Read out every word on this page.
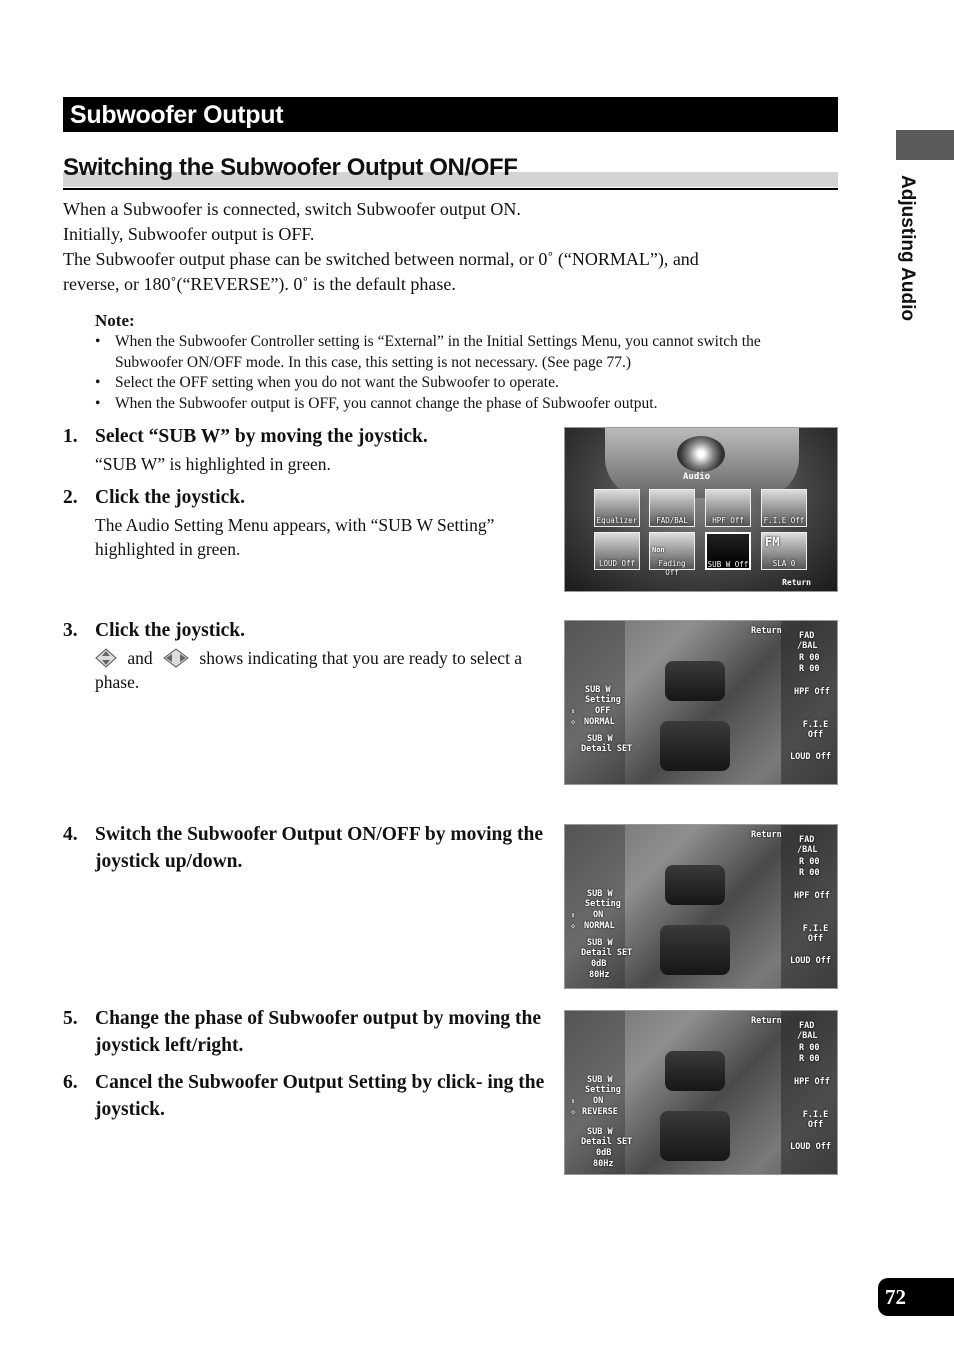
Subwoofer Output
Switching the Subwoofer Output ON/OFF
When a Subwoofer is connected, switch Subwoofer output ON.
Initially, Subwoofer output is OFF.
The Subwoofer output phase can be switched between normal, or 0˚ (“NORMAL”), and
reverse, or 180˚(“REVERSE”). 0˚ is the default phase.
Note:
• When the Subwoofer Controller setting is “External” in the Initial Settings Menu, you cannot switch the Subwoofer ON/OFF mode. In this case, this setting is not necessary. (See page 77.)
• Select the OFF setting when you do not want the Subwoofer to operate.
• When the Subwoofer output is OFF, you cannot change the phase of Subwoofer output.
1. Select “SUB W” by moving the joystick.
“SUB W” is highlighted in green.
2. Click the joystick.
The Audio Setting Menu appears, with “SUB W Setting” highlighted in green.
3. Click the joystick.
and	shows indicating that you are ready to select a phase.
4. Switch the Subwoofer Output ON/OFF by moving the joystick up/down.
5. Change the phase of Subwoofer output by moving the joystick left/right.
6. Cancel the Subwoofer Output Setting by click- ing the joystick.
Audio
Equalizer	FAD/BAL	HPF Off	F.I.E Off
LOUD Off
Non
Fading Off
SUB W Off
FM
SLA 0
Return
SUB W
Setting
OFF
NORMAL
⇕
◇
SUB W
Detail SET
Return FAD
/BAL
R 00
R 00
HPF Off
F.I.E Off
LOUD Off
SUB W
Setting
ON
NORMAL
⇕
◇
SUB W
Detail SET
0dB
80Hz
Return FAD
/BAL
R 00
R 00
HPF Off
F.I.E Off
LOUD Off
SUB W
Setting
ON
REVERSE
⇕
◇
SUB W
Detail SET
0dB
80Hz
Return FAD
/BAL
R 00
R 00
HPF Off
F.I.E Off
LOUD Off
Adjusting Audio
72
